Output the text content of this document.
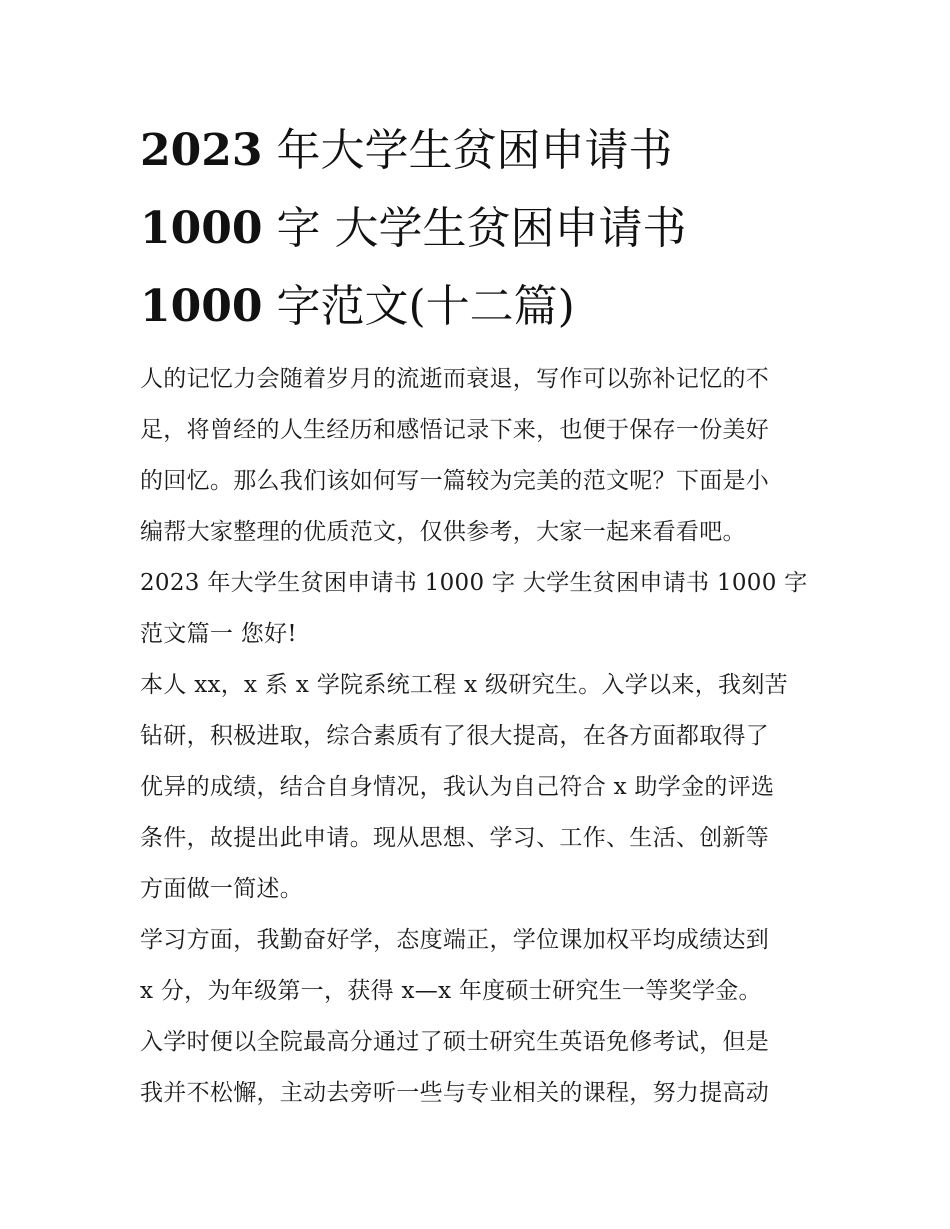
2023 年大学生贫困申请书
1000 字 大学生贫困申请书
1000 字范文(十二篇)
人的记忆力会随着岁月的流逝而衰退，写作可以弥补记忆的不
足，将曾经的人生经历和感悟记录下来，也便于保存一份美好
的回忆。那么我们该如何写一篇较为完美的范文呢？下面是小
编帮大家整理的优质范文，仅供参考，大家一起来看看吧。
2023 年大学生贫困申请书 1000 字 大学生贫困申请书 1000 字
范文篇一 您好!
本人 xx，x 系 x 学院系统工程 x 级研究生。入学以来，我刻苦
钻研，积极进取，综合素质有了很大提高，在各方面都取得了
优异的成绩，结合自身情况，我认为自己符合 x 助学金的评选
条件，故提出此申请。现从思想、学习、工作、生活、创新等
方面做一简述。
学习方面，我勤奋好学，态度端正，学位课加权平均成绩达到
x 分，为年级第一，获得 x—x 年度硕士研究生一等奖学金。
入学时便以全院最高分通过了硕士研究生英语免修考试，但是
我并不松懈，主动去旁听一些与专业相关的课程，努力提高动
